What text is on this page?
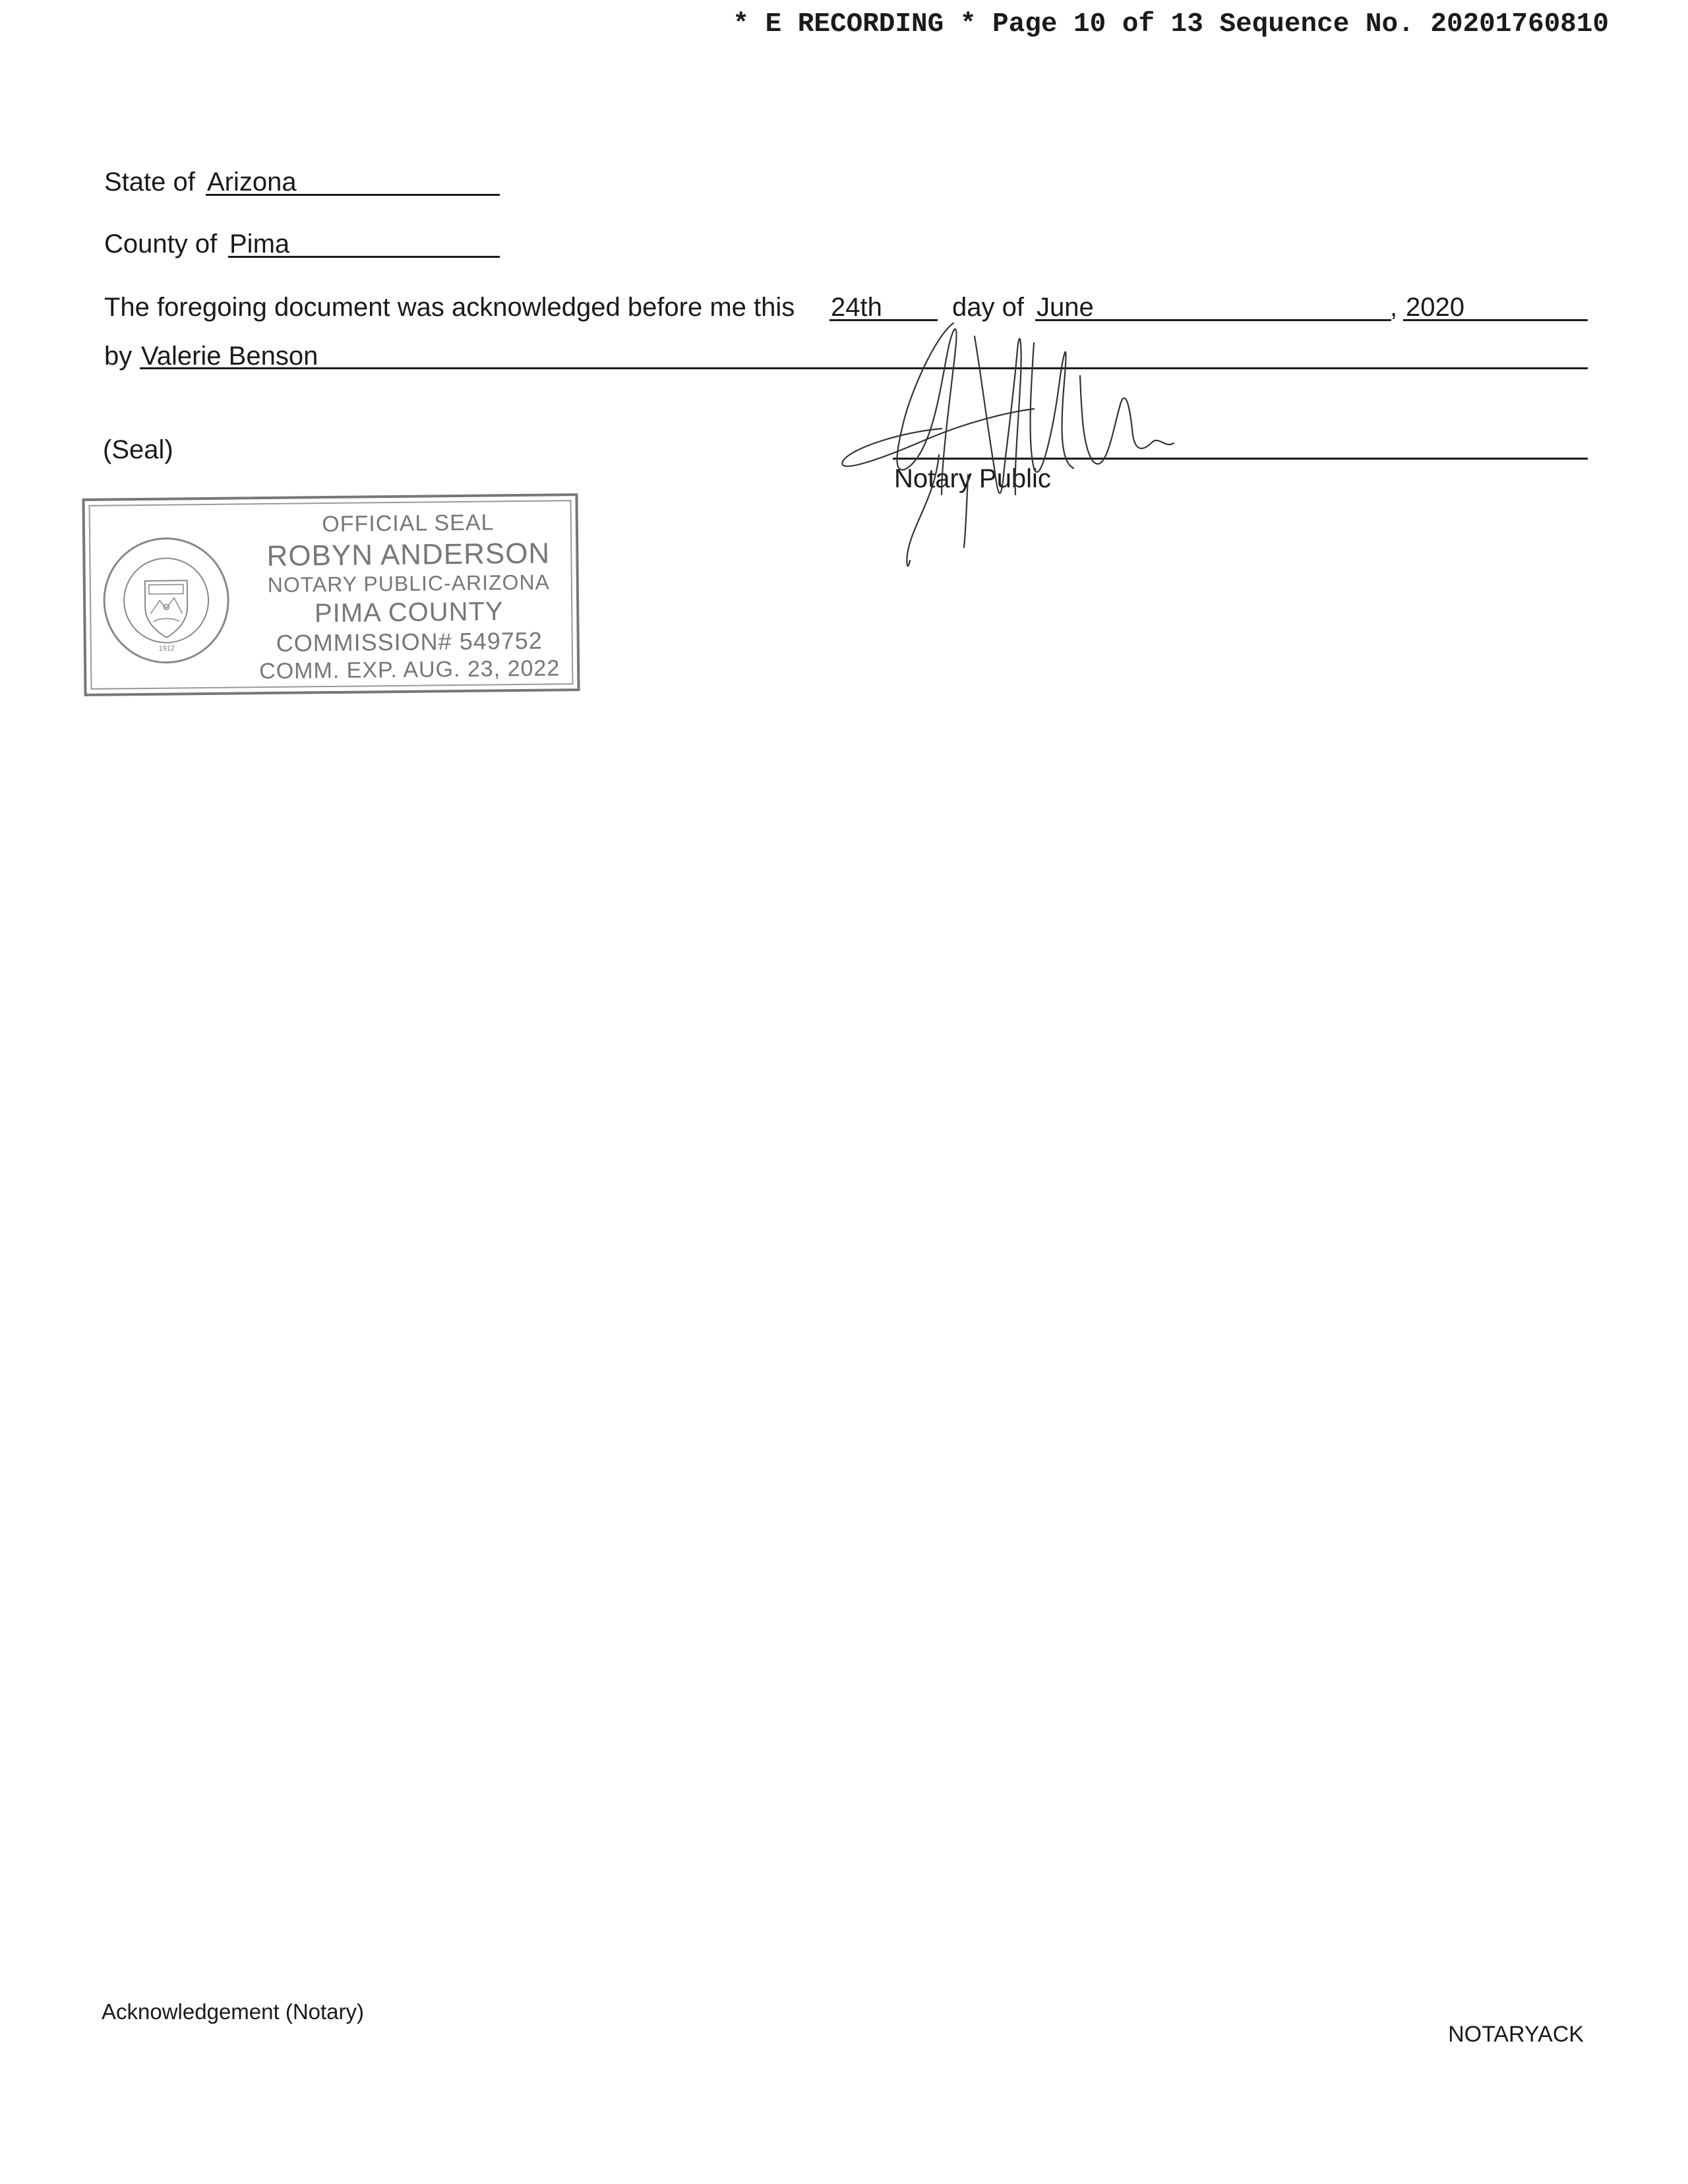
* E RECORDING * Page 10 of 13 Sequence No. 20201760810
State of Arizona
County of Pima
The foregoing document was acknowledged before me this 24th	day of June	, 2020
by Valerie Benson
(Seal)
Notary Public
1912
OFFICIAL SEAL
ROBYN ANDERSON
NOTARY PUBLIC-ARIZONA
PIMA COUNTY
COMMISSION# 549752
COMM. EXP. AUG. 23, 2022
Acknowledgement (Notary)
NOTARYACK
